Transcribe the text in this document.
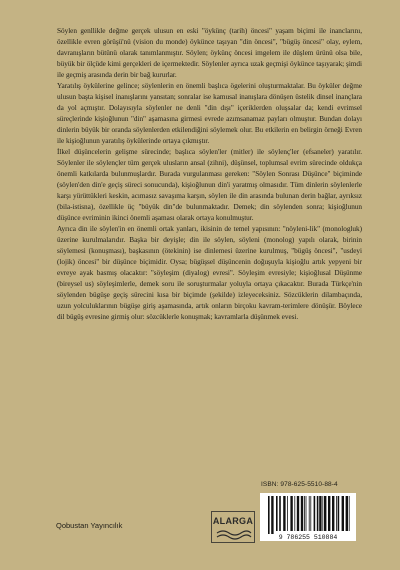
Söylen genllikle değme gerçek ulusun en eski "öykünç (tarih) öncesi" yaşam biçimi ile inanclarını, özellikle evren görüşü'nü (vision du monde) öykünce taşıyan "din öncesi", "bügüş öncesi" olay, eylem, davranışların bütünü olarak tanımlanmıştır. Söylen; öykünç öncesi imgelem ile düşlem ürünü olsa bile, büyük bir ölçüde kimi gerçekleri de içermektedir. Söylenler ayrıca uzak geçmişi öykünce taşıyarak; şimdi ile geçmiş arasında derin bir bağ kururlar.

Yaratılış öykülerine gelince; söylenlerin en önemli başlıca ögelerini oluşturmaktalar. Bu öyküler değme ulusun başta kişisel inanışlarını yansıtan; sonralar ise kamusal inanışlara dönüşen üstelik dinsel inançlara da yol açmıştır. Dolayısıyla söylenler ne denli "din dışı" içeriklerden oluşsalar da; kendi evrimsel süreçlerinde kişioğlunun "din" aşamasına girmesi evrede azımsanamaz payları olmuştur. Bundan dolayı dinlerin büyük bir oranda söylenlerden etkilendiğini söylemek olur. Bu etkilerin en belirgin örneği Evren ile kişioğlunun yaratılış öykülerinde ortaya çıkmıştır.

İlkel düşüncelerin gelişme sürecinde; başlıca söylen'ler (mitler) ile söylenç'ler (efsaneler) yaratılır. Söylenler ile söylençler tüm gerçek ulusların ansal (zihni), düşünsel, toplumsal evrim sürecinde oldukça önemli katkılarda bulunmuşlardır. Burada vurgulanması gereken: "Söylen Sonrası Düşünce" biçiminde (söylen'den din'e geçiş süreci sonucunda), kişioğlunun din'i yaratmış olmasıdır. Tüm dinlerin söylenlerle karşı yürüttükleri keskin, acımasız savaşıma karşın, söylen ile din arasında bulunan derin bağlar, ayrıksız (bila-istisna), özellikle üç "büyük din"de bulunmaktadır. Demek; din söylenden sonra; kişioğlunun düşünce evriminin ikinci önemli aşaması olarak ortaya konulmuştur.

Ayrıca din ile söylen'in en önemli ortak yanları, ikisinin de temel yapısının: "nöyleni-lik" (monologluk) üzerine kurulmalarıdır. Başka bir deyişle; din ile söylen, söyleni (monolog) yapılı olarak, birinin söylemesi (konuşması), başkasının (ötekinin) ise dinlemesi üzerine kurulmuş, "bügüş öncesi", "usdeyi (lojik) öncesi" bir düşünce biçimidir. Oysa; bügüşsel düşüncenin doğuşuyla kişioğlu artık yepyeni bir evreye ayak basmış olacaktır: "söyleşim (diyalog) evresi". Söyleşim evresiyle; kişioğlusal Düşünme (bireysel us) söyleşimlerle, demek soru ile soruşturmalar yoluyla ortaya çıkacaktır. Burada Türkçe'nin söylenden bügüşe geçiş sürecini kısa bir biçimde (şekilde) izleyeceksiniz. Sözcüklerin dilambaçında, uzun yolculuklarının bügüşe giriş aşamasında, artık onların birçoku kavram-terimlere dönüşür. Böylece dil bügüş evresine girmiş olur: sözcüklerle konuşmak; kavramlarla düşünmek evesi.

ISBN: 978-625-5510-88-4
Qobustan Yayıncılık	ALARGA
9 786255 510884
